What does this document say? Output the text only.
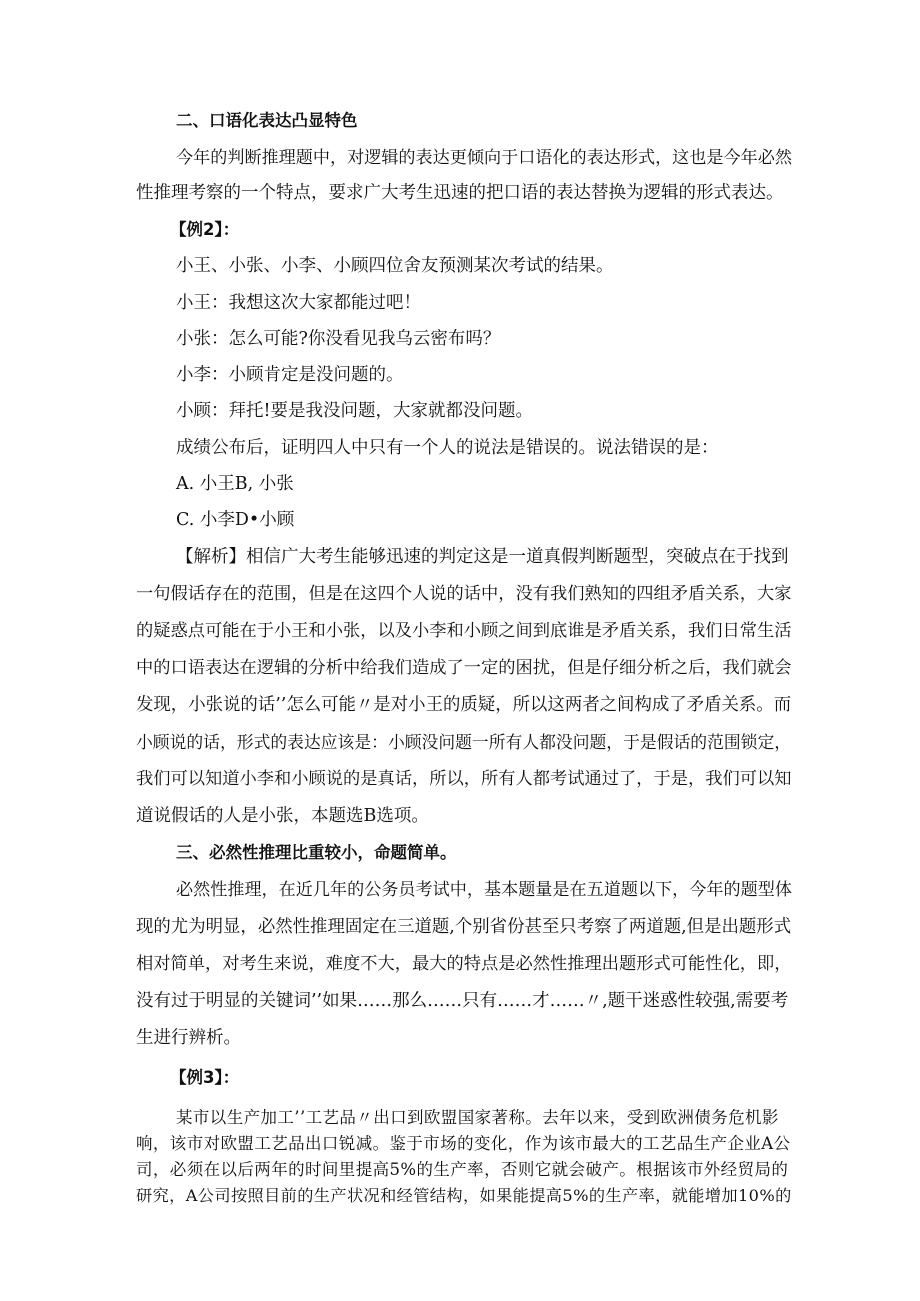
二、口语化表达凸显特色

今年的判断推理题中，对逻辑的表达更倾向于口语化的表达形式，这也是今年必然

性推理考察的一个特点，要求广大考生迅速的把口语的表达替换为逻辑的形式表达。

【例2】：

小王、小张、小李、小顾四位舍友预测某次考试的结果。

小王：我想这次大家都能过吧！

小张：怎么可能?你没看见我乌云密布吗？

小李：小顾肯定是没问题的。

小顾：拜托!要是我没问题，大家就都没问题。

成绩公布后，证明四人中只有一个人的说法是错误的。说法错误的是：

A. 小王B, 小张

C. 小李D•小顾

【解析】相信广大考生能够迅速的判定这是一道真假判断题型，突破点在于找到

一句假话存在的范围，但是在这四个人说的话中，没有我们熟知的四组矛盾关系，大家

的疑惑点可能在于小王和小张，以及小李和小顾之间到底谁是矛盾关系，我们日常生活

中的口语表达在逻辑的分析中给我们造成了一定的困扰，但是仔细分析之后，我们就会

发现，小张说的话’’怎么可能〃是对小王的质疑，所以这两者之间构成了矛盾关系。而

小顾说的话，形式的表达应该是：小顾没问题一所有人都没问题，于是假话的范围锁定，

我们可以知道小李和小顾说的是真话，所以，所有人都考试通过了，于是，我们可以知

道说假话的人是小张，本题选B选项。

三、必然性推理比重较小，命题简单。

必然性推理，在近几年的公务员考试中，基本题量是在五道题以下，今年的题型体

现的尤为明显，必然性推理固定在三道题,个别省份甚至只考察了两道题,但是出题形式

相对简单，对考生来说，难度不大，最大的特点是必然性推理出题形式可能性化，即，

没有过于明显的关键词’’如果……那么……只有……才……〃,题干迷惑性较强,需要考

生进行辨析。

【例3】：

某市以生产加工’’工艺品〃出口到欧盟国家著称。去年以来，受到欧洲债务危机影

响，该市对欧盟工艺品出口锐减。鉴于市场的变化，作为该市最大的工艺品生产企业A公

司，必须在以后两年的时间里提高5%的生产率，否则它就会破产。根据该市外经贸局的

研究，A公司按照目前的生产状况和经管结构，如果能提高5%的生产率，就能增加10%的
